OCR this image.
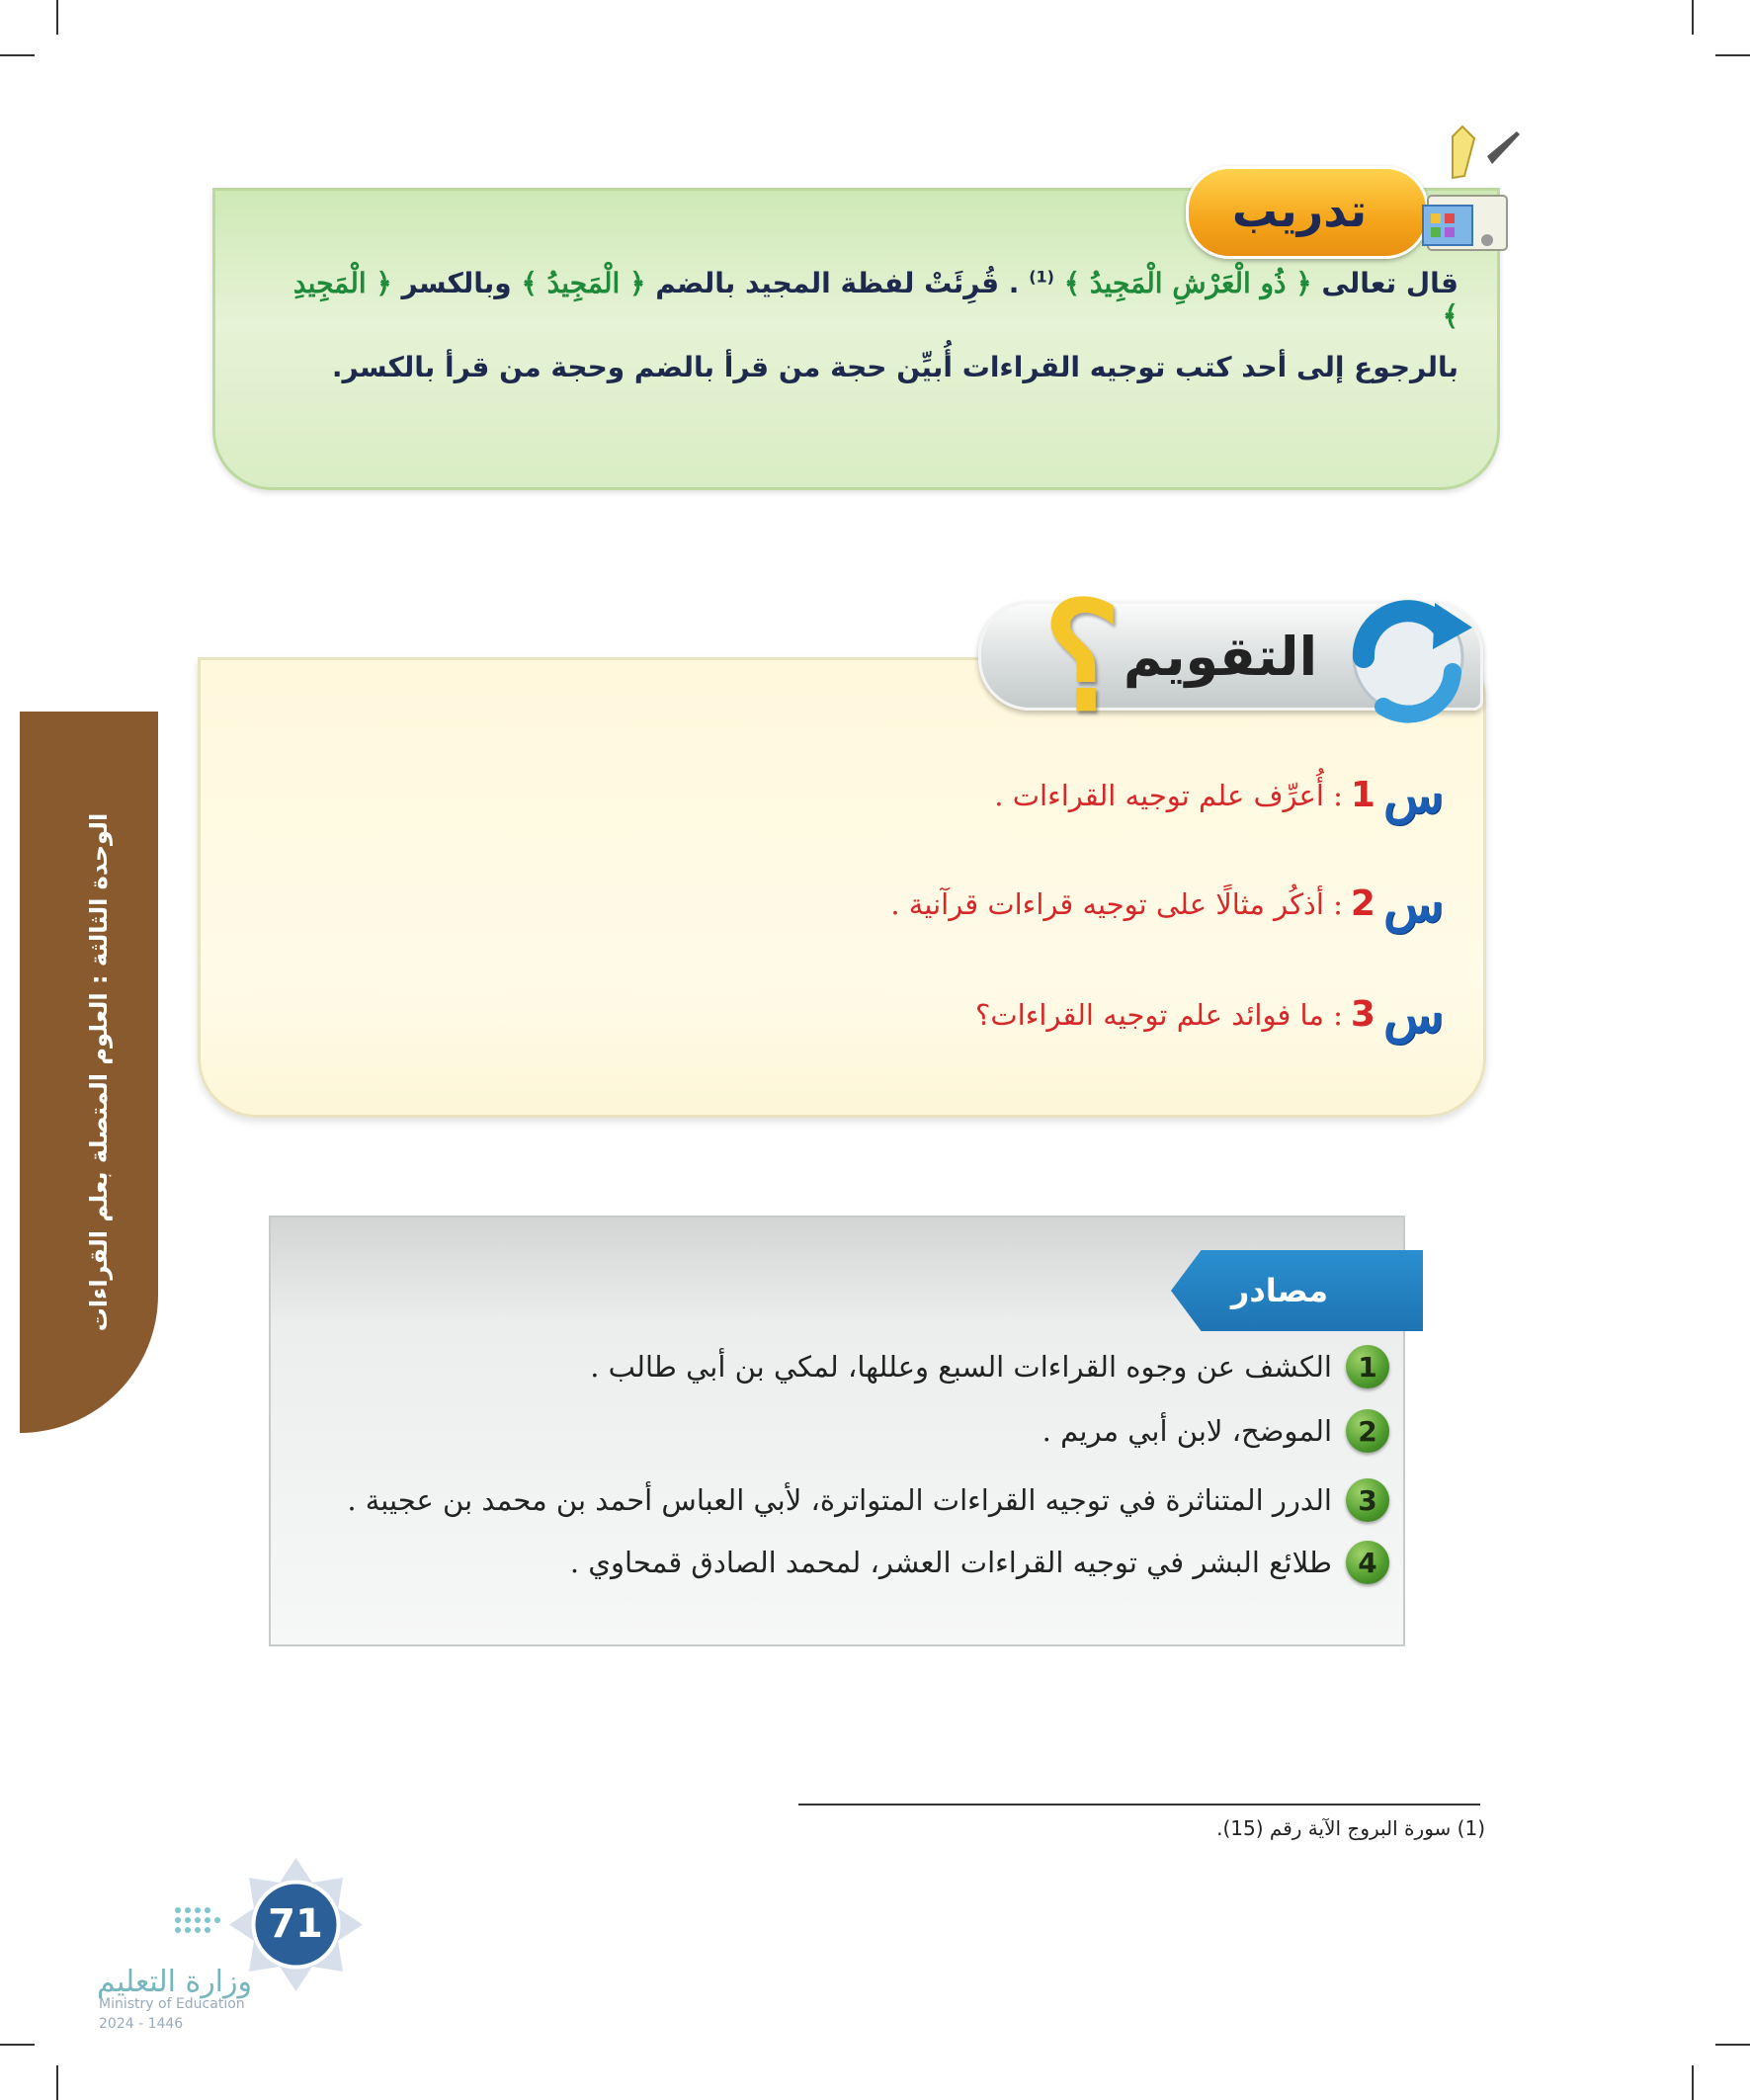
تدريب
قال تعالى ﴿ ذُو الْعَرْشِ الْمَجِيدُ ﴾ $^{(1)}$ . قُرِئَتْ لفظة المجيد بالضم ﴿ الْمَجِيدُ ﴾ وبالكسر ﴿ الْمَجِيدِ ﴾
بالرجوع إلى أحد كتب توجيه القراءات أُبيِّن حجة من قرأ بالضم وحجة من قرأ بالكسر.
؟ التقويم
س
1
: أُعرِّف علم توجيه القراءات .
س
2
: أذكُر مثالًا على توجيه قراءات قرآنية .
س
3
: ما فوائد علم توجيه القراءات؟
مصادر
1
الكشف عن وجوه القراءات السبع وعللها، لمكي بن أبي طالب .
2
الموضح، لابن أبي مريم .
3
الدرر المتناثرة في توجيه القراءات المتواترة، لأبي العباس أحمد بن محمد بن عجيبة .
4
طلائع البشر في توجيه القراءات العشر، لمحمد الصادق قمحاوي .
الوحدة الثالثة : العلوم المتصلة بعلم القراءات
(1) سورة البروج الآية رقم (15).
71
وزارة التعليم
Ministry of Education
2024 - 1446
